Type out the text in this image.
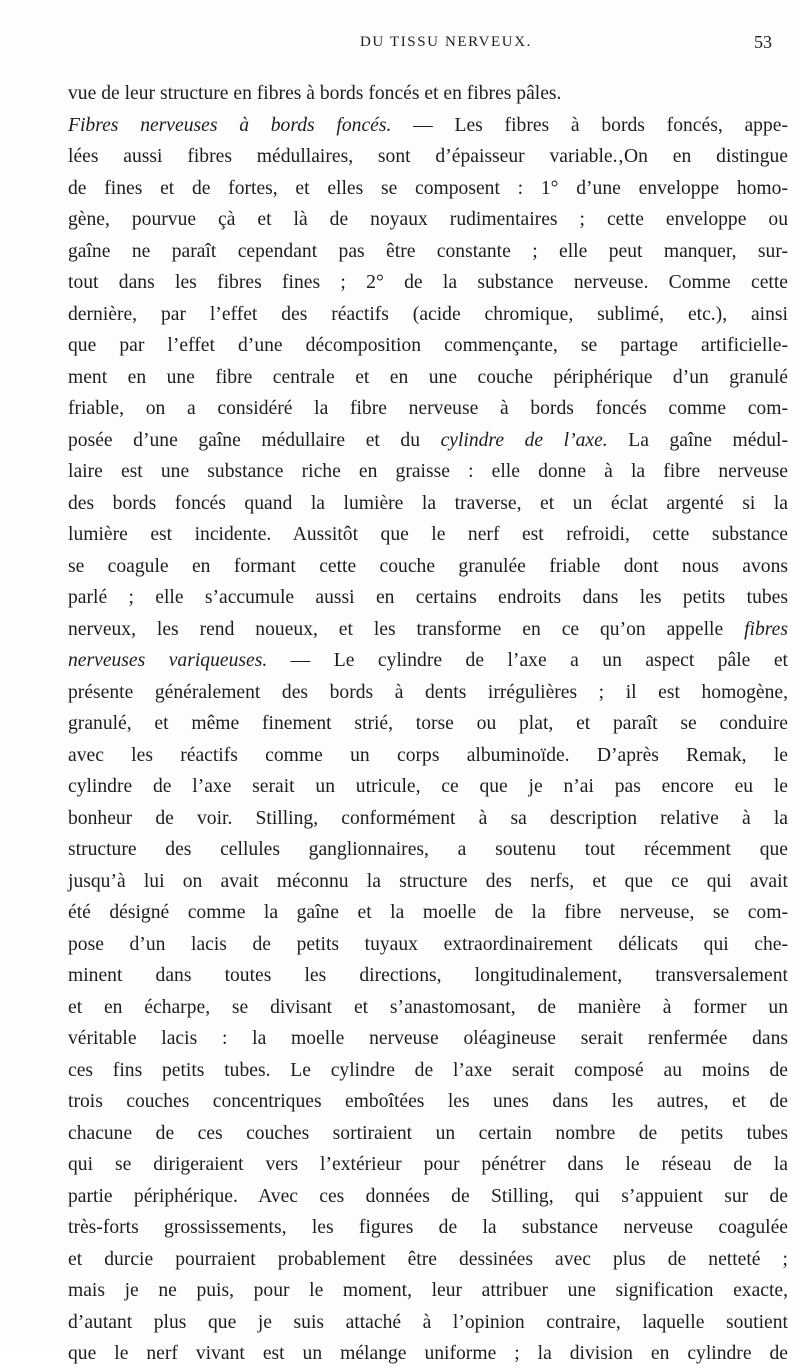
DU TISSU NERVEUX.	53
vue de leur structure en fibres à bords foncés et en fibres pâles.
Fibres nerveuses à bords foncés. — Les fibres à bords foncés, appe-
lées aussi fibres médullaires, sont d’épaisseur variable.‚On en distingue
de fines et de fortes, et elles se composent : 1° d’une enveloppe homo-
gène, pourvue çà et là de noyaux rudimentaires ; cette enveloppe ou
gaîne ne paraît cependant pas être constante ; elle peut manquer, sur-
tout dans les fibres fines ; 2° de la substance nerveuse. Comme cette
dernière, par l’effet des réactifs (acide chromique, sublimé, etc.), ainsi
que par l’effet d’une décomposition commençante, se partage artificielle-
ment en une fibre centrale et en une couche périphérique d’un granulé
friable, on a considéré la fibre nerveuse à bords foncés comme com-
posée d’une gaîne médullaire et du cylindre de l’axe. La gaîne médul-
laire est une substance riche en graisse : elle donne à la fibre nerveuse
des bords foncés quand la lumière la traverse, et un éclat argenté si la
lumière est incidente. Aussitôt que le nerf est refroidi, cette substance
se coagule en formant cette couche granulée friable dont nous avons
parlé ; elle s’accumule aussi en certains endroits dans les petits tubes
nerveux, les rend noueux, et les transforme en ce qu’on appelle fibres
nerveuses variqueuses. — Le cylindre de l’axe a un aspect pâle et
présente généralement des bords à dents irrégulières ; il est homogène,
granulé, et même finement strié, torse ou plat, et paraît se conduire
avec les réactifs comme un corps albuminoïde. D’après Remak, le
cylindre de l’axe serait un utricule, ce que je n’ai pas encore eu le
bonheur de voir. Stilling, conformément à sa description relative à la
structure des cellules ganglionnaires, a soutenu tout récemment que
jusqu’à lui on avait méconnu la structure des nerfs, et que ce qui avait
été désigné comme la gaîne et la moelle de la fibre nerveuse, se com-
pose d’un lacis de petits tuyaux extraordinairement délicats qui che-
minent dans toutes les directions, longitudinalement, transversalement
et en écharpe, se divisant et s’anastomosant, de manière à former un
véritable lacis : la moelle nerveuse oléagineuse serait renfermée dans
ces fins petits tubes. Le cylindre de l’axe serait composé au moins de
trois couches concentriques emboîtées les unes dans les autres, et de
chacune de ces couches sortiraient un certain nombre de petits tubes
qui se dirigeraient vers l’extérieur pour pénétrer dans le réseau de la
partie périphérique. Avec ces données de Stilling, qui s’appuient sur de
très-forts grossissements, les figures de la substance nerveuse coagulée
et durcie pourraient probablement être dessinées avec plus de netteté ;
mais je ne puis, pour le moment, leur attribuer une signification exacte,
d’autant plus que je suis attaché à l’opinion contraire, laquelle soutient
que le nerf vivant est un mélange uniforme ; la division en cylindre de
